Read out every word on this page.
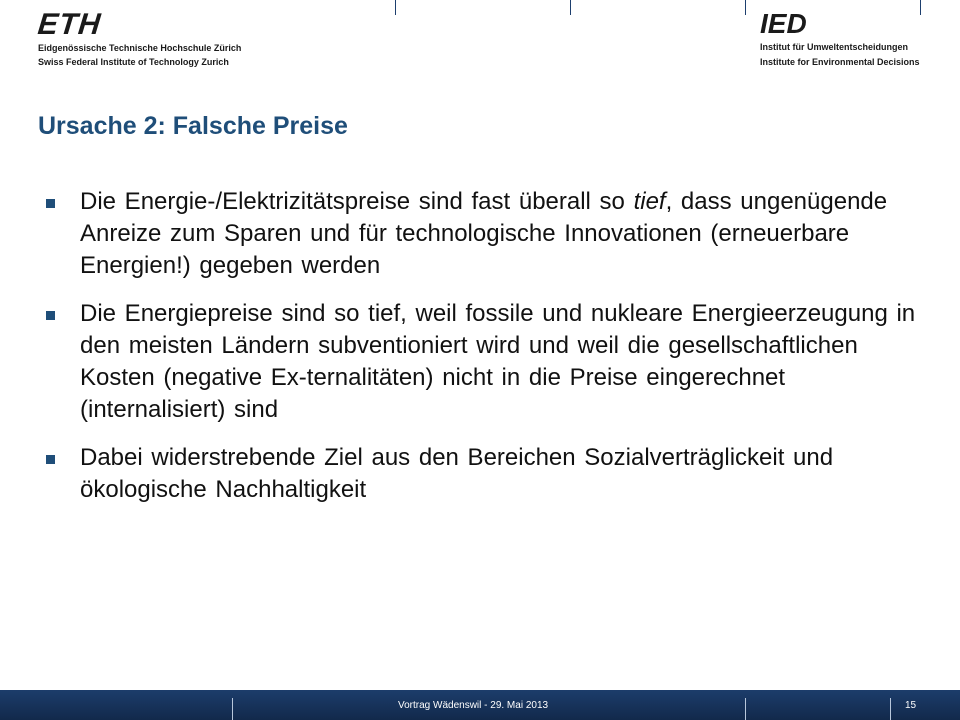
ETH
Eidgenössische Technische Hochschule Zürich
Swiss Federal Institute of Technology Zurich
IED
Institut für Umweltentscheidungen
Institute for Environmental Decisions
Ursache 2: Falsche Preise
Die Energie-/Elektrizitätspreise sind fast überall so tief, dass ungenügende Anreize zum Sparen und für technologische Innovationen (erneuerbare Energien!) gegeben werden
Die Energiepreise sind so tief, weil fossile und nukleare Energieerzeugung in den meisten Ländern subventioniert wird und weil die gesellschaftlichen Kosten (negative Ex-ternalitäten) nicht in die Preise eingerechnet (internalisiert) sind
Dabei widerstrebende Ziel aus den Bereichen Sozialverträglickeit und ökologische Nachhaltigkeit
Vortrag Wädenswil - 29. Mai 2013	15
